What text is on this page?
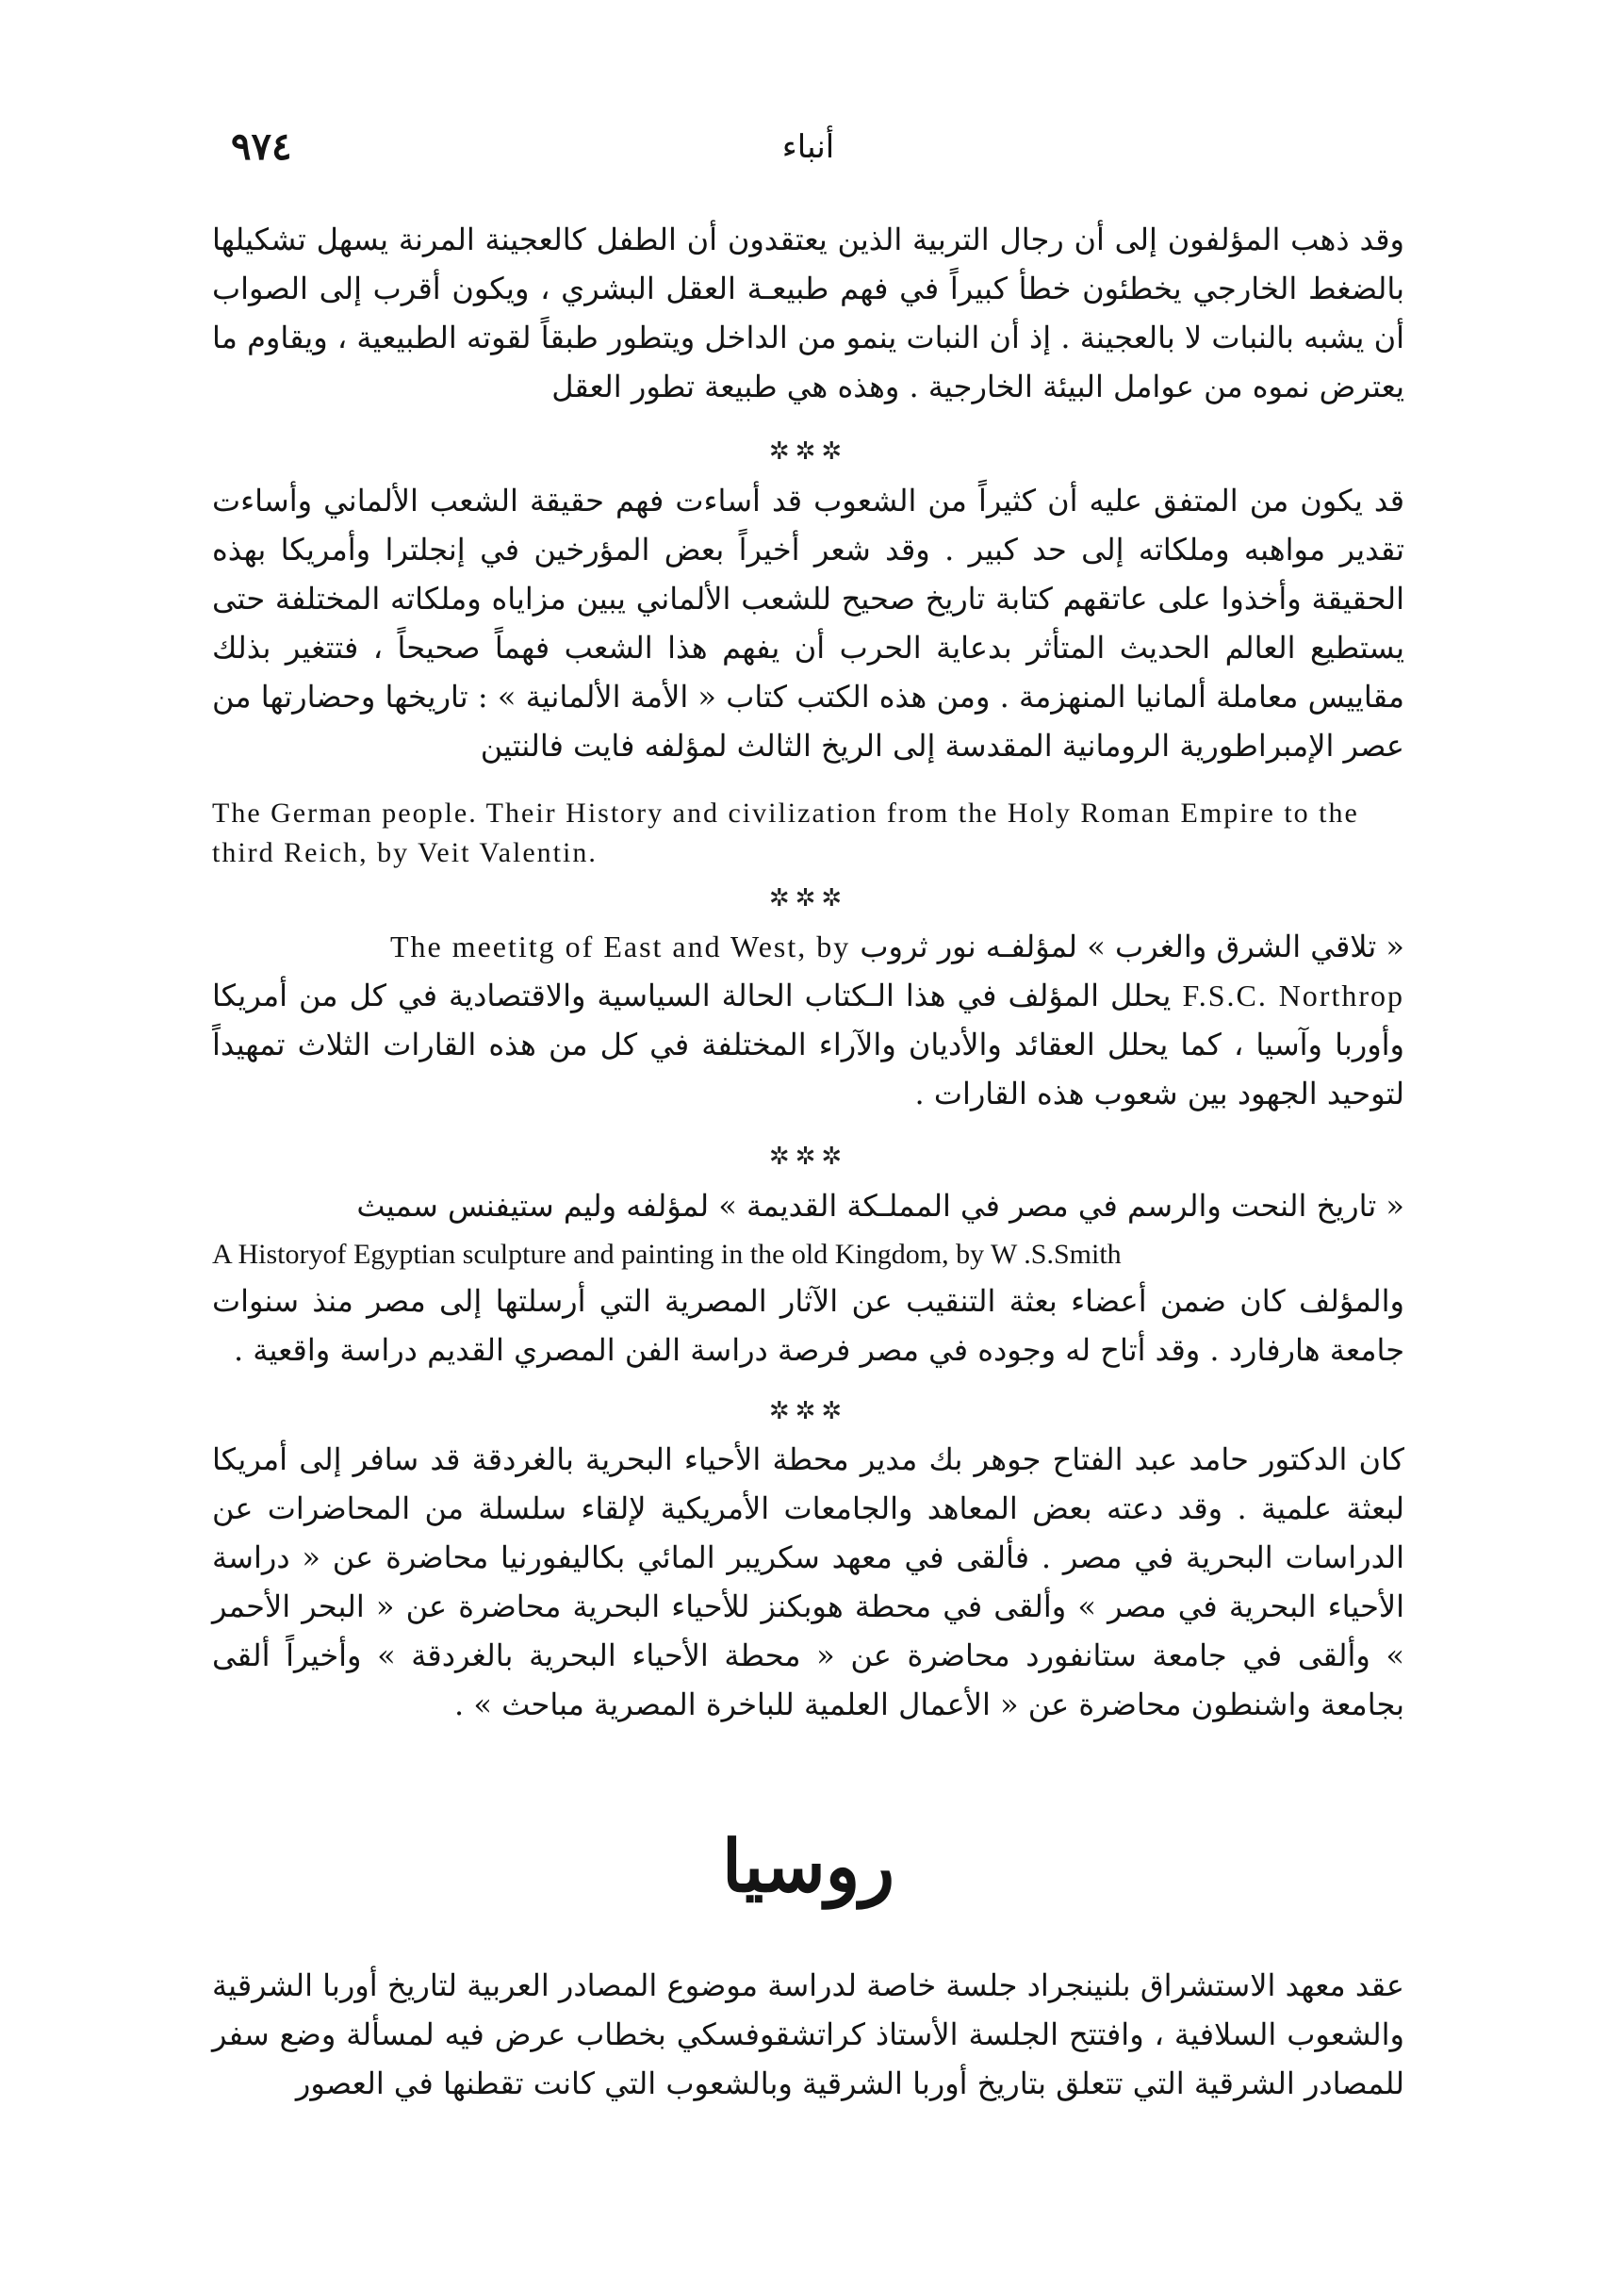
٩٧٤	أنباء

وقد ذهب المؤلفون إلى أن رجال التربية الذين يعتقدون أن الطفل كالعجينة المرنة يسهل تشكيلها بالضغط الخارجي يخطئون خطأ كبيراً في فهم طبيعـة العقل البشري ، ويكون أقرب إلى الصواب أن يشبه بالنبات لا بالعجينة . إذ أن النبات ينمو من الداخل ويتطور طبقاً لقوته الطبيعية ، ويقاوم ما يعترض نموه من عوامل البيئة الخارجية . وهذه هي طبيعة تطور العقل

✲✲✲

قد يكون من المتفق عليه أن كثيراً من الشعوب قد أساءت فهم حقيقة الشعب الألماني وأساءت تقدير مواهبه وملكاته إلى حد كبير . وقد شعر أخيراً بعض المؤرخين في إنجلترا وأمريكا بهذه الحقيقة وأخذوا على عاتقهم كتابة تاريخ صحيح للشعب الألماني يبين مزاياه وملكاته المختلفة حتى يستطيع العالم الحديث المتأثر بدعاية الحرب أن يفهم هذا الشعب فهماً صحيحاً ، فتتغير بذلك مقاييس معاملة ألمانيا المنهزمة . ومن هذه الكتب كتاب « الأمة الألمانية » : تاريخها وحضارتها من عصر الإمبراطورية الرومانية المقدسة إلى الريخ الثالث لمؤلفه فايت فالنتين

The German people. Their History and civilization from the Holy Roman Empire to the third Reich, by Veit Valentin.

✲✲✲

« تلاقي الشرق والغرب » لمؤلفـه نور ثروب The meetitg of East and West, by

F.S.C. Northrop يحلل المؤلف في هذا الـكتاب الحالة السياسية والاقتصادية في كل من أمريكا وأوربا وآسيا ، كما يحلل العقائد والأديان والآراء المختلفة في كل من هذه القارات الثلاث تمهيداً لتوحيد الجهود بين شعوب هذه القارات .

✲✲✲

« تاريخ النحت والرسم في مصر في المملـكة القديمة » لمؤلفه وليم ستيفنس سميث

A Historyof Egyptian sculpture and painting in the old Kingdom, by W .S.Smith

والمؤلف كان ضمن أعضاء بعثة التنقيب عن الآثار المصرية التي أرسلتها إلى مصر منذ سنوات جامعة هارفارد . وقد أتاح له وجوده في مصر فرصة دراسة الفن المصري القديم دراسة واقعية .

✲✲✲

كان الدكتور حامد عبد الفتاح جوهر بك مدير محطة الأحياء البحرية بالغردقة قد سافر إلى أمريكا لبعثة علمية . وقد دعته بعض المعاهد والجامعات الأمريكية لإلقاء سلسلة من المحاضرات عن الدراسات البحرية في مصر . فألقى في معهد سكريبر المائي بكاليفورنيا محاضرة عن « دراسة الأحياء البحرية في مصر » وألقى في محطة هوبكنز للأحياء البحرية محاضرة عن « البحر الأحمر » وألقى في جامعة ستانفورد محاضرة عن « محطة الأحياء البحرية بالغردقة » وأخيراً ألقى بجامعة واشنطون محاضرة عن « الأعمال العلمية للباخرة المصرية مباحث » .

روسيا

عقد معهد الاستشراق بلنينجراد جلسة خاصة لدراسة موضوع المصادر العربية لتاريخ أوربا الشرقية والشعوب السلافية ، وافتتح الجلسة الأستاذ كراتشقوفسكي بخطاب عرض فيه لمسألة وضع سفر للمصادر الشرقية التي تتعلق بتاريخ أوربا الشرقية وبالشعوب التي كانت تقطنها في العصور
